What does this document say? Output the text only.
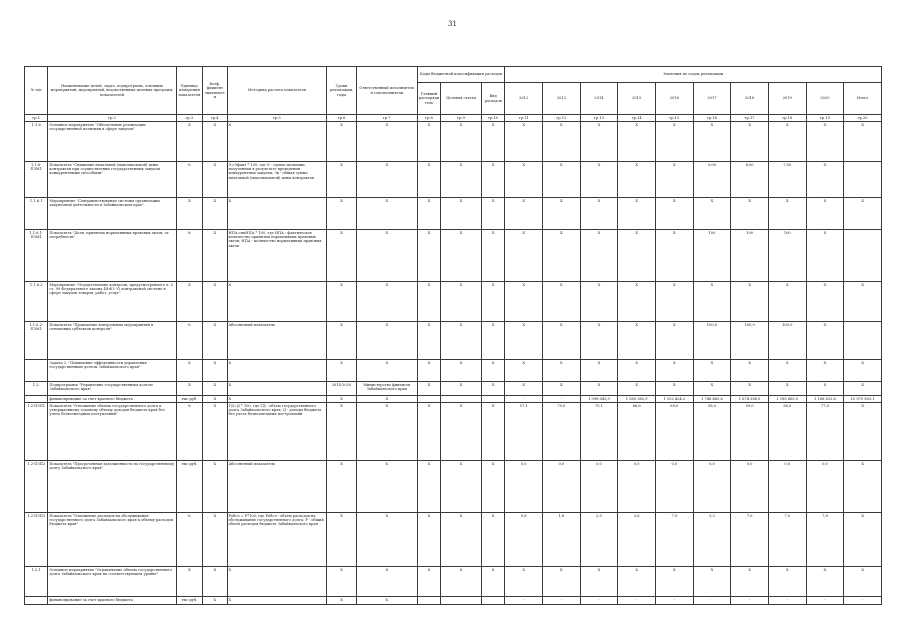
31
№ п/п	Наименование целей, задач, подпрограмм, основных мероприятий, мероприятий, ведомственных целевых программ, показателей	Единица измерения показателя	Коэф. фициент значимости	Методика расчета показателя	Сроки реализации, годы	Ответственный исполнитель и соисполнители	Коды бюджетной классификации расходов			Значения по годам реализации									
							Главный распорядитель	Целевая статья	Вид расходов	2012	2013	2014	2015	2016	2017	2018	2019	2020	Итого
гр.1	гр.2	гр.3	гр.4	гр.5	гр.6	гр.7	гр.8	гр.9	гр.10	гр.11	гр.12	гр.13	гр.14	гр.15	гр.16	гр.17	гр.18	гр.19	гр.20
1.1.6	Основное мероприятие "Обеспечение реализации государственной политики в сфере закупок"	Х	Х	Х	Х	Х	Х	Х	Х	Х	Х	Х	Х	Х	Х	Х	Х	Х	Х
1.1.6-ПЗМ1	Показатель "Снижение начальной (максимальной) цены контрактов при осуществлении государственных закупок конкурентными способами"	%	Х	Э=Эфакт * 100, где Э - сумма экономии, полученная в результате проведения конкурентных закупок; Зк - общая сумма начальной (максимальной) цены контрактов	Х	Х	Х	Х	Х	Х	Х	Х	Х	Х	5,00	6,00	7,00	Х	
1.1.6.1	Мероприятие "Совершенствование системы организации закупочной деятельности в Забайкальском крае"	Х	Х	Х	Х	Х	Х	Х	Х	Х	Х	Х	Х	Х	Х	Х	Х	Х	Х
1.1.6.1-ПЗМ1	Показатель "Доля, принятых нормативных правовых актов, от потребности"	%	Х	НПА=нпНПА * 100, где НПА - фактическое количество принятых нормативных правовых актов; НПА - количество нормативных правовых актов	Х	Х	Х	Х	Х	Х	Х	Х	Х	Х	100	100	100	Х	
1.1.6.2	Мероприятие "Осуществление контроля, предусмотренного ч. 5 ст. 99 Федерального закона 44-ФЗ "О контрактной системе в сфере закупок товаров, работ, услуг"	Х	Х	Х	Х	Х	Х	Х	Х	Х	Х	Х	Х	Х	Х	Х	Х	Х	Х
1.1.6.2-ПЗМ1	Показатель "Проведение контрольных мероприятий в отношении субъектов контроля"	%	Х	Абсолютный показатель	Х	Х	Х	Х	Х	Х	Х	Х	Х	Х	100,0	100,0	100,0	Х	
	Задача 2. "Повышение эффективности управления государственным долгом Забайкальского края"	Х	Х	Х	Х	Х	Х	Х	Х	Х	Х	Х	Х	Х	Х	Х	Х	Х	Х
1.2.	Подпрограмма "Управление государственным долгом Забайкальского края"	Х	Х	Х	2014-2020	Министерство финансов Забайкальского края	Х	Х	Х	Х	Х	Х	Х	Х	Х	Х	Х	Х	Х
	финансирование за счет краевого бюджета	тыс.руб.	Х	Х	Х	Х				-	-	1 098 843,9	1 569 382,9	1 532 424,2	1 746 465,6	1 674 388,5	1 185 665,0	1 168 832,6	10 975 803,1
1.2-ПЗП1	Показатель "Отношение объема государственного долга к утвержденному годовому объему доходов бюджета края без учета безвозмездных поступлений"	%	Х	ГД=Д * 100, где ГД - объем государственного долга Забайкальского края; Д - доходы бюджета без учета безвозмездных поступлений	Х	Х	Х	Х	Х	57,1	70,0	70,1	66,6	69,0	58,0	59,0	56,0	77,0	Х
1.2-ПЗП2	Показатель "Просроченная задолженность по государственному долгу Забайкальского края"	тыс.руб.	Х	Абсолютный показатель	Х	Х	Х	Х	Х	0,0	0,0	0,0	0,0	0,0	0,0	0,0	0,0	0,0	Х
1.2-ПЗП3	Показатель "Отношение расходов на обслуживание государственного долга Забайкальского края к объему расходов бюджета края"	%	Х	Робсл = Р*100, где Робсл - объем расходов на обслуживание государственного долга; Р - общий объем расходов бюджета Забайкальского края	Х	Х	Х	Х	Х	0,8	1,8	2,5	3,6	7,9	5,3	7,0	7,0	7,8	Х
1.2.1	Основное мероприятие "Ограничение объема государственного долга Забайкальского края на соответствующем уровне"	Х	Х	Х	Х	Х	Х	Х	Х	Х	Х	Х	Х	Х	Х	Х	Х	Х	Х
	финансирование за счет краевого бюджета	тыс.руб.	Х	Х	Х	Х				-	-	-	-	-	-	-	-	-	-
